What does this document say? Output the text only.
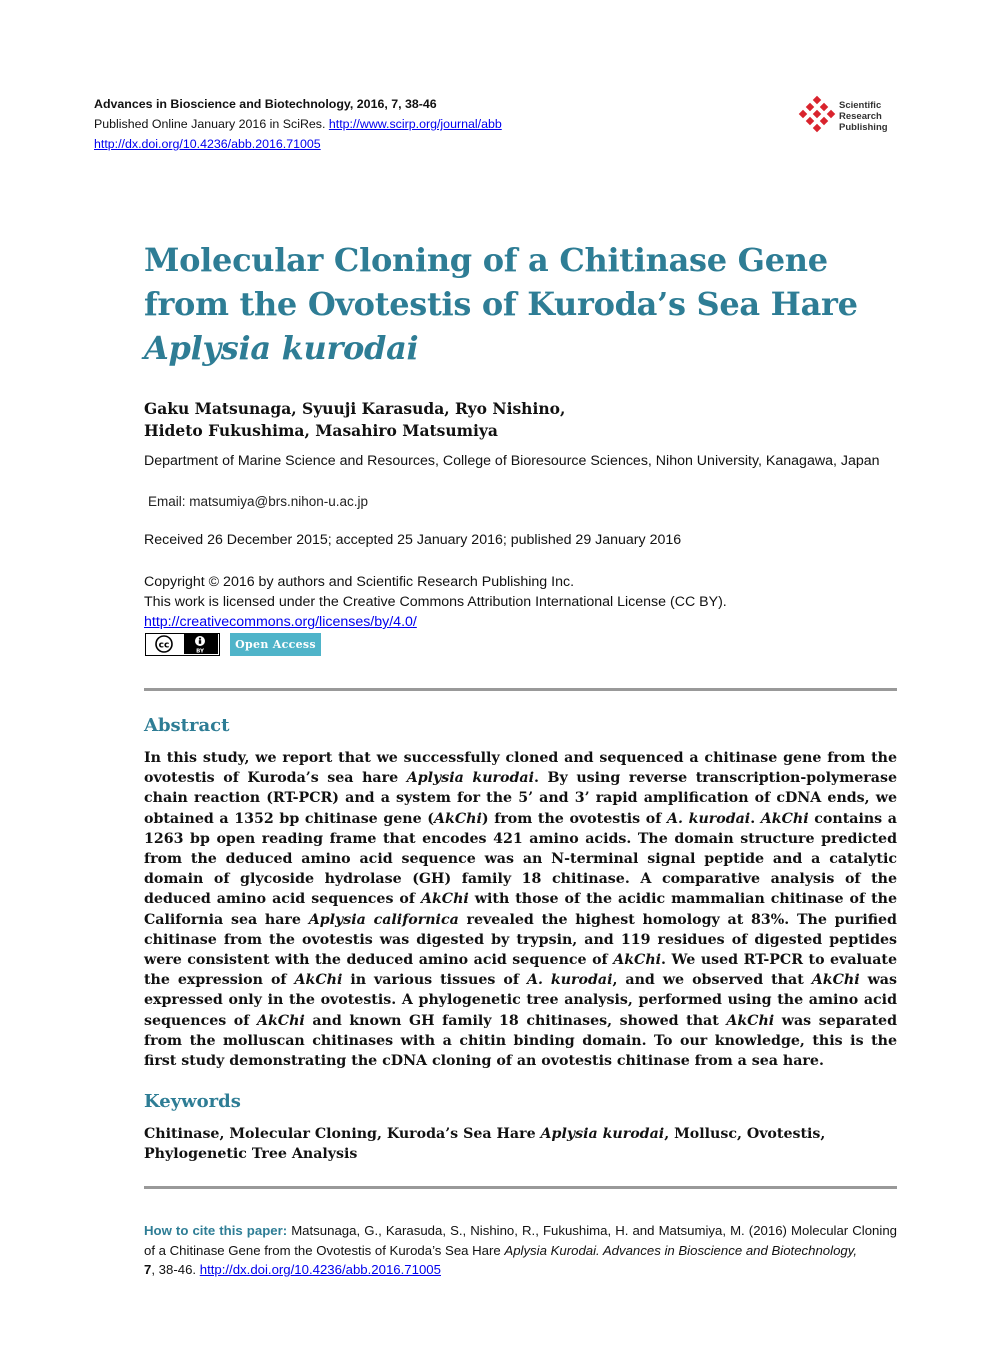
Advances in Bioscience and Biotechnology, 2016, 7, 38-46
Published Online January 2016 in SciRes. http://www.scirp.org/journal/abb
http://dx.doi.org/10.4236/abb.2016.71005
Scientific
Research
Publishing
Molecular Cloning of a Chitinase Gene from the Ovotestis of Kuroda’s Sea Hare Aplysia kurodai
Gaku Matsunaga, Syuuji Karasuda, Ryo Nishino,
Hideto Fukushima, Masahiro Matsumiya
Department of Marine Science and Resources, College of Bioresource Sciences, Nihon University, Kanagawa, Japan
Email: matsumiya@brs.nihon-u.ac.jp
Received 26 December 2015; accepted 25 January 2016; published 29 January 2016
Copyright © 2016 by authors and Scientific Research Publishing Inc.
This work is licensed under the Creative Commons Attribution International License (CC BY).
http://creativecommons.org/licenses/by/4.0/
cc
BY
Open Access
Abstract
In this study, we report that we successfully cloned and sequenced a chitinase gene from the ovotestis of Kuroda’s sea hare Aplysia kurodai. By using reverse transcription-polymerase chain reaction (RT-PCR) and a system for the 5’ and 3’ rapid amplification of cDNA ends, we obtained a 1352 bp chitinase gene (AkChi) from the ovotestis of A. kurodai. AkChi contains a 1263 bp open reading frame that encodes 421 amino acids. The domain structure predicted from the deduced amino acid sequence was an N-terminal signal peptide and a catalytic domain of glycoside hydrolase (GH) family 18 chitinase. A comparative analysis of the deduced amino acid sequences of AkChi with those of the acidic mammalian chitinase of the California sea hare Aplysia californica revealed the highest homology at 83%. The purified chitinase from the ovotestis was digested by trypsin, and 119 residues of digested peptides were consistent with the deduced amino acid sequence of AkChi. We used RT-PCR to evaluate the expression of AkChi in various tissues of A. kurodai, and we observed that AkChi was expressed only in the ovotestis. A phylogenetic tree analysis, performed using the amino acid sequences of AkChi and known GH family 18 chitinases, showed that AkChi was separated from the molluscan chitinases with a chitin binding domain. To our knowledge, this is the first study demonstrating the cDNA cloning of an ovotestis chitinase from a sea hare.
Keywords
Chitinase, Molecular Cloning, Kuroda’s Sea Hare Aplysia kurodai, Mollusc, Ovotestis, Phylogenetic Tree Analysis
How to cite this paper: Matsunaga, G., Karasuda, S., Nishino, R., Fukushima, H. and Matsumiya, M. (2016) Molecular Cloning of a Chitinase Gene from the Ovotestis of Kuroda’s Sea Hare Aplysia Kurodai. Advances in Bioscience and Biotechnology,
7, 38-46. http://dx.doi.org/10.4236/abb.2016.71005
